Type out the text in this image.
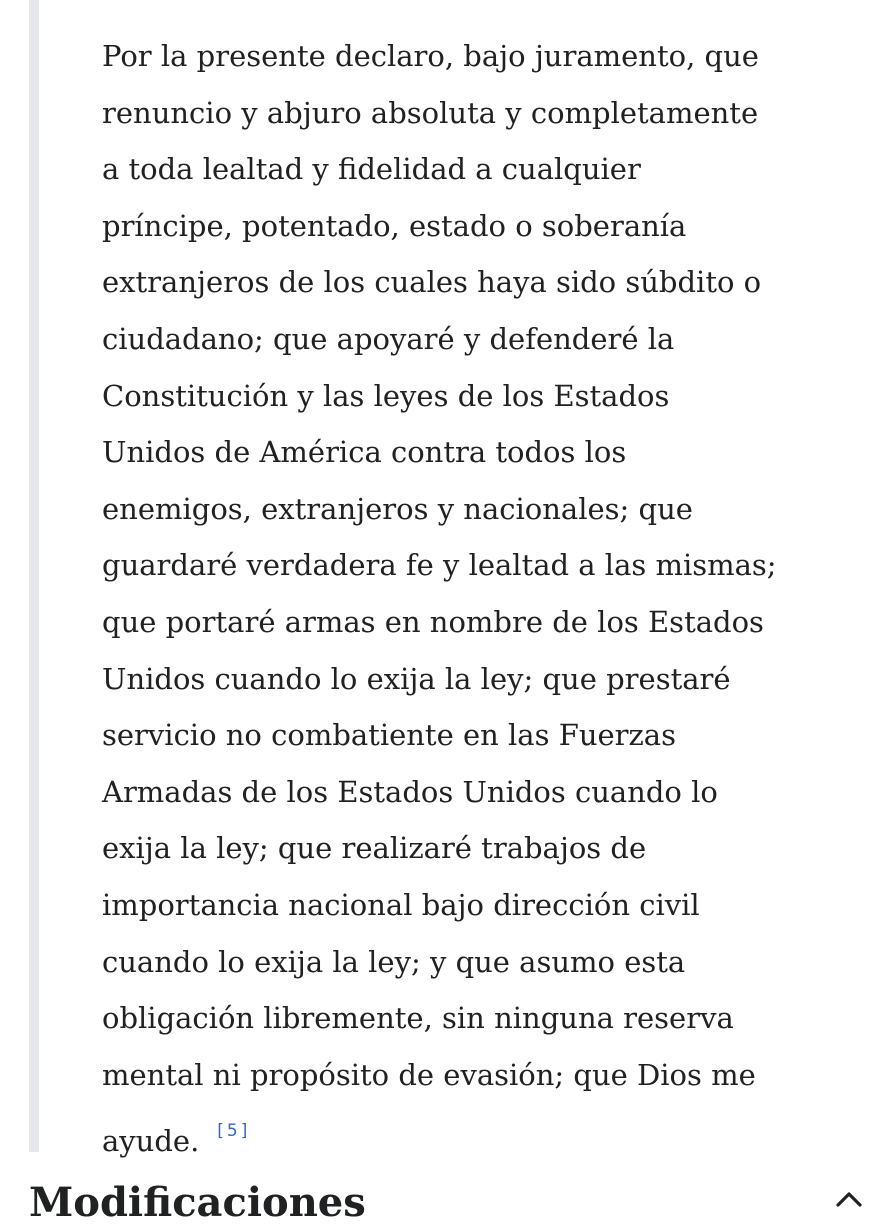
Por la presente declaro, bajo juramento, que
renuncio y abjuro absoluta y completamente
a toda lealtad y fidelidad a cualquier
príncipe, potentado, estado o soberanía
extranjeros de los cuales haya sido súbdito o
ciudadano; que apoyaré y defenderé la
Constitución y las leyes de los Estados
Unidos de América contra todos los
enemigos, extranjeros y nacionales; que
guardaré verdadera fe y lealtad a las mismas;
que portaré armas en nombre de los Estados
Unidos cuando lo exija la ley; que prestaré
servicio no combatiente en las Fuerzas
Armadas de los Estados Unidos cuando lo
exija la ley; que realizaré trabajos de
importancia nacional bajo dirección civil
cuando lo exija la ley; y que asumo esta
obligación libremente, sin ninguna reserva
mental ni propósito de evasión; que Dios me
ayude. [5]
Modificaciones
